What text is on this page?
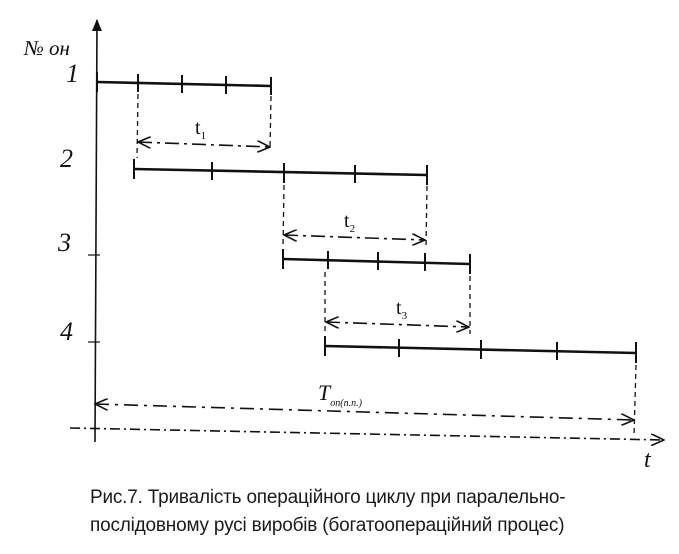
№ он
t
1
2
3
4
$t_1$
$t_2$
$t_3$
$T_{оп(п.п.)}$
Рис.7. Тривалість операційного циклу при паралельно-
послідовному русі виробів (богатоопераційний процес)
